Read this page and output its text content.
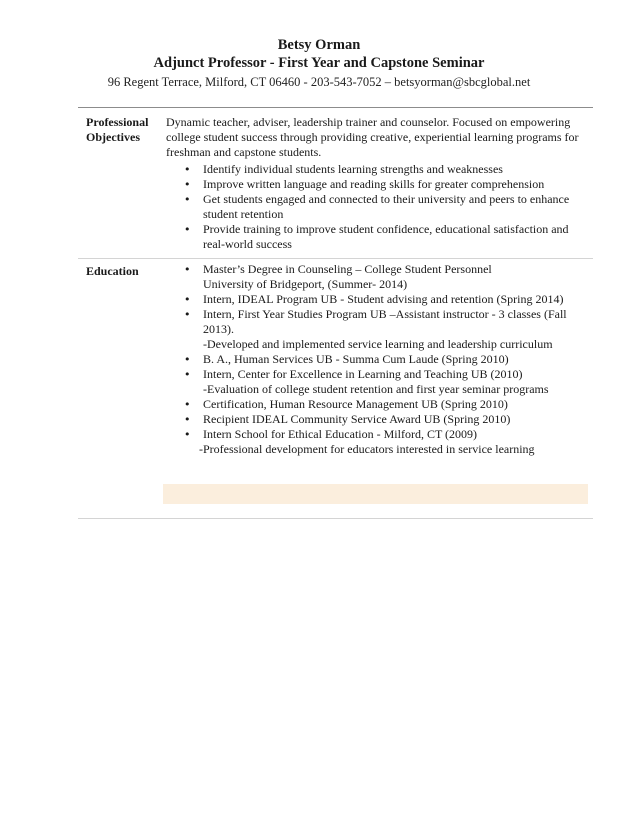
Betsy Orman
Adjunct Professor - First Year and Capstone Seminar
96 Regent Terrace, Milford, CT 06460 - 203-543-7052 – betsyorman@sbcglobal.net
Professional
Objectives

Dynamic teacher, adviser, leadership trainer and counselor. Focused on empowering college student success through providing creative, experiential learning programs for freshman and capstone students.

• Identify individual students learning strengths and weaknesses
• Improve written language and reading skills for greater comprehension
• Get students engaged and connected to their university and peers to enhance student retention
• Provide training to improve student confidence, educational satisfaction and real-world success
Education
•	Master’s Degree in Counseling – College Student Personnel
University of Bridgeport, (Summer- 2014)
• Intern, IDEAL Program UB - Student advising and retention (Spring 2014)
• Intern, First Year Studies Program UB –Assistant instructor - 3 classes (Fall 2013).
-Developed and implemented service learning and leadership curriculum
• B. A., Human Services UB - Summa Cum Laude (Spring 2010)
• Intern, Center for Excellence in Learning and Teaching UB (2010)
-Evaluation of college student retention and first year seminar programs
• Certification, Human Resource Management UB (Spring 2010)
• Recipient IDEAL Community Service Award UB (Spring 2010)
• Intern School for Ethical Education - Milford, CT (2009)
-Professional development for educators interested in service learning
